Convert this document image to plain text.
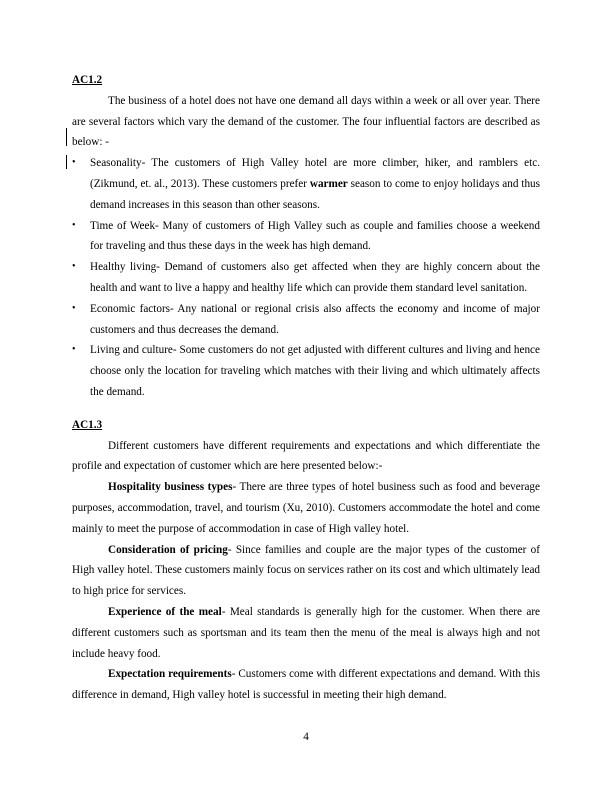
AC1.2

The business of a hotel does not have one demand all days within a week or all over year. There are several factors which vary the demand of the customer. The four influential factors are described as below: -

• Seasonality- The customers of High Valley hotel are more climber, hiker, and ramblers etc. (Zikmund, et. al., 2013). These customers prefer warmer season to come to enjoy holidays and thus demand increases in this season than other seasons.
• Time of Week- Many of customers of High Valley such as couple and families choose a weekend for traveling and thus these days in the week has high demand.
• Healthy living- Demand of customers also get affected when they are highly concern about the health and want to live a happy and healthy life which can provide them standard level sanitation.
• Economic factors- Any national or regional crisis also affects the economy and income of major customers and thus decreases the demand.
• Living and culture- Some customers do not get adjusted with different cultures and living and hence choose only the location for traveling which matches with their living and which ultimately affects the demand.

AC1.3

Different customers have different requirements and expectations and which differentiate the profile and expectation of customer which are here presented below:-

Hospitality business types- There are three types of hotel business such as food and beverage purposes, accommodation, travel, and tourism (Xu, 2010). Customers accommodate the hotel and come mainly to meet the purpose of accommodation in case of High valley hotel.

Consideration of pricing- Since families and couple are the major types of the customer of High valley hotel. These customers mainly focus on services rather on its cost and which ultimately lead to high price for services.

Experience of the meal- Meal standards is generally high for the customer. When there are different customers such as sportsman and its team then the menu of the meal is always high and not include heavy food.

Expectation requirements- Customers come with different expectations and demand. With this difference in demand, High valley hotel is successful in meeting their high demand.

4
